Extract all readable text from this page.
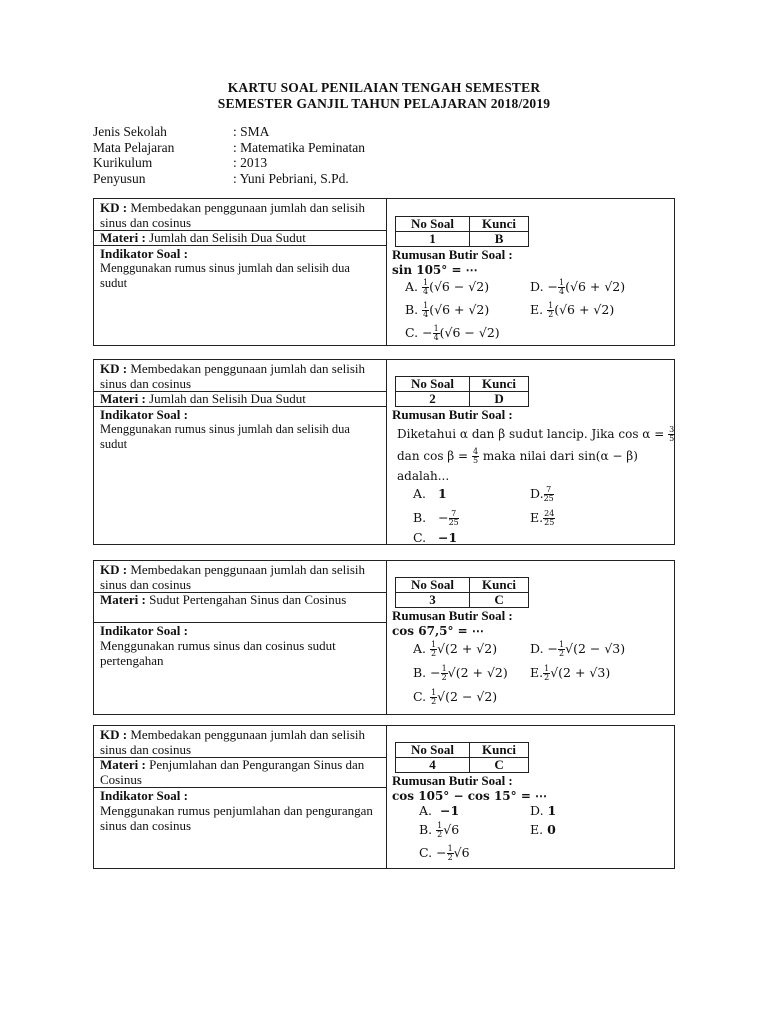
KARTU SOAL PENILAIAN TENGAH SEMESTER
SEMESTER GANJIL TAHUN PELAJARAN 2018/2019
Jenis Sekolah	: SMA
Mata Pelajaran	: Matematika Peminatan
Kurikulum	: 2013
Penyusun	: Yuni Pebriani, S.Pd.
KD : Membedakan penggunaan jumlah dan selisih sinus dan cosinus
Materi : Jumlah dan Selisih Dua Sudut
Indikator Soal :
Menggunakan rumus sinus jumlah dan selisih dua sudut
No Soal	Kunci
1	B
Rumusan Butir Soal :
sin 105° = ⋯
A. $\frac{1}{4} (√6 - √2)$
B. $\frac{1}{4} (√6 + √2)$
C. − $\frac{1}{4} (√6 - √2)$
D. − $\frac{1}{4} (√6 + √2)$
E. $\frac{1}{2} (√6 + √2)$
KD : Membedakan penggunaan jumlah dan selisih sinus dan cosinus
Materi : Jumlah dan Selisih Dua Sudut
Indikator Soal :
Menggunakan rumus sinus jumlah dan selisih dua sudut
No Soal	Kunci
2	D
Rumusan Butir Soal :
Diketahui α dan β sudut lancip. Jika $\cos \alpha = \frac{3}{5}$
dan $\cos \beta = \frac{4}{5}$ maka nilai dari sin(α − β)
adalah...
A. 1
B. − $\frac{7}{25}$
C. −1
D. $\frac{7}{25}$
E. $\frac{24}{25}$
KD : Membedakan penggunaan jumlah dan selisih sinus dan cosinus
Materi : Sudut Pertengahan Sinus dan Cosinus
Indikator Soal :
Menggunakan rumus sinus dan cosinus sudut pertengahan
No Soal	Kunci
3	C
Rumusan Butir Soal :
cos 67,5° = ⋯
A. $\frac{1}{2} √(2 + √2)$
B. − $\frac{1}{2} √(2 + √2)$
C. $\frac{1}{2} √(2 - √2)$
D. − $\frac{1}{2} √(2 - √3)$
E. $\frac{1}{2} √(2 + √3)$
KD : Membedakan penggunaan jumlah dan selisih sinus dan cosinus
Materi : Penjumlahan dan Pengurangan Sinus dan Cosinus
Indikator Soal :
Menggunakan rumus penjumlahan dan pengurangan sinus dan cosinus
No Soal	Kunci
4	C
Rumusan Butir Soal :
cos 105° − cos 15° = ⋯
A. −1
B. $\frac{1}{2} √6$
C. − $\frac{1}{2} √6$
D. 1
E. 0
